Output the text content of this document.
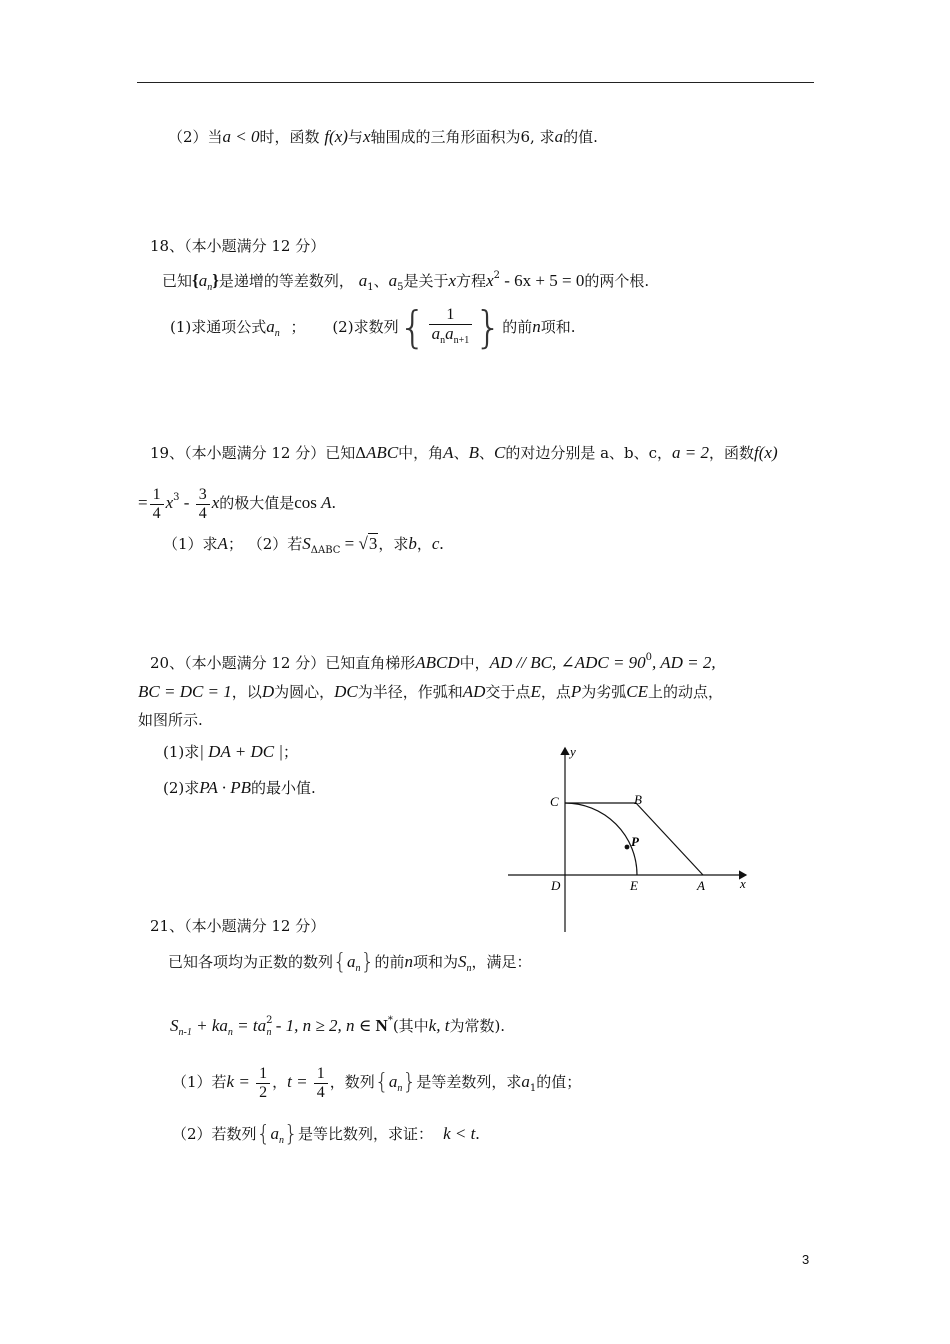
（2）当a < 0时，函数 f(x)与x轴围成的三角形面积为6, 求a的值.
18、（本小题满分 12 分）
已知$\{a_n\}$是递增的等差数列， $a_1$、$a_5$是关于x方程$x^2 - 6x + 5 = 0$的两个根.
(1)求通项公式$a_n$ ； (2)求数列{ $\frac{1}{a_na_{n+1}}$ }的前n项和.
19、（本小题满分 12 分）已知ΔABC中，角A、B、C的对边分别是 a、b、c，a = 2，函数f(x)
= $\frac{1}{4} x^3 - \frac{3}{4}$ x的极大值是cos A.
（1）求A； （2）若$S_{\Delta ABC} = √3$，求b，c.
20、（本小题满分 12 分）已知直角梯形ABCD中，AD // BC, ∠ADC = $90^0$, AD = 2,
BC = DC = 1，以D为圆心，DC为半径，作弧和AD交于点E，点P为劣弧CE上的动点，
如图所示.
(1)求| DA + DC |；
(2)求PA · PB的最小值.
y
x
C	B
P
D	E	A
21、（本小题满分 12 分）
已知各项均为正数的数列$\{a_n\}$的前n项和为$S_n$，满足：
$S_{n-1} + ka_n = ta^2_n - 1$, n ≥ 2, n ∈ N*(其中k, t为常数).
（1）若$k = \frac{1}{2}$ ，$t = \frac{1}{4}$ ，数列$\{a_n\}$是等差数列，求$a_1$的值；
（2）若数列$\{a_n\}$是等比数列，求证： k < t.
3
